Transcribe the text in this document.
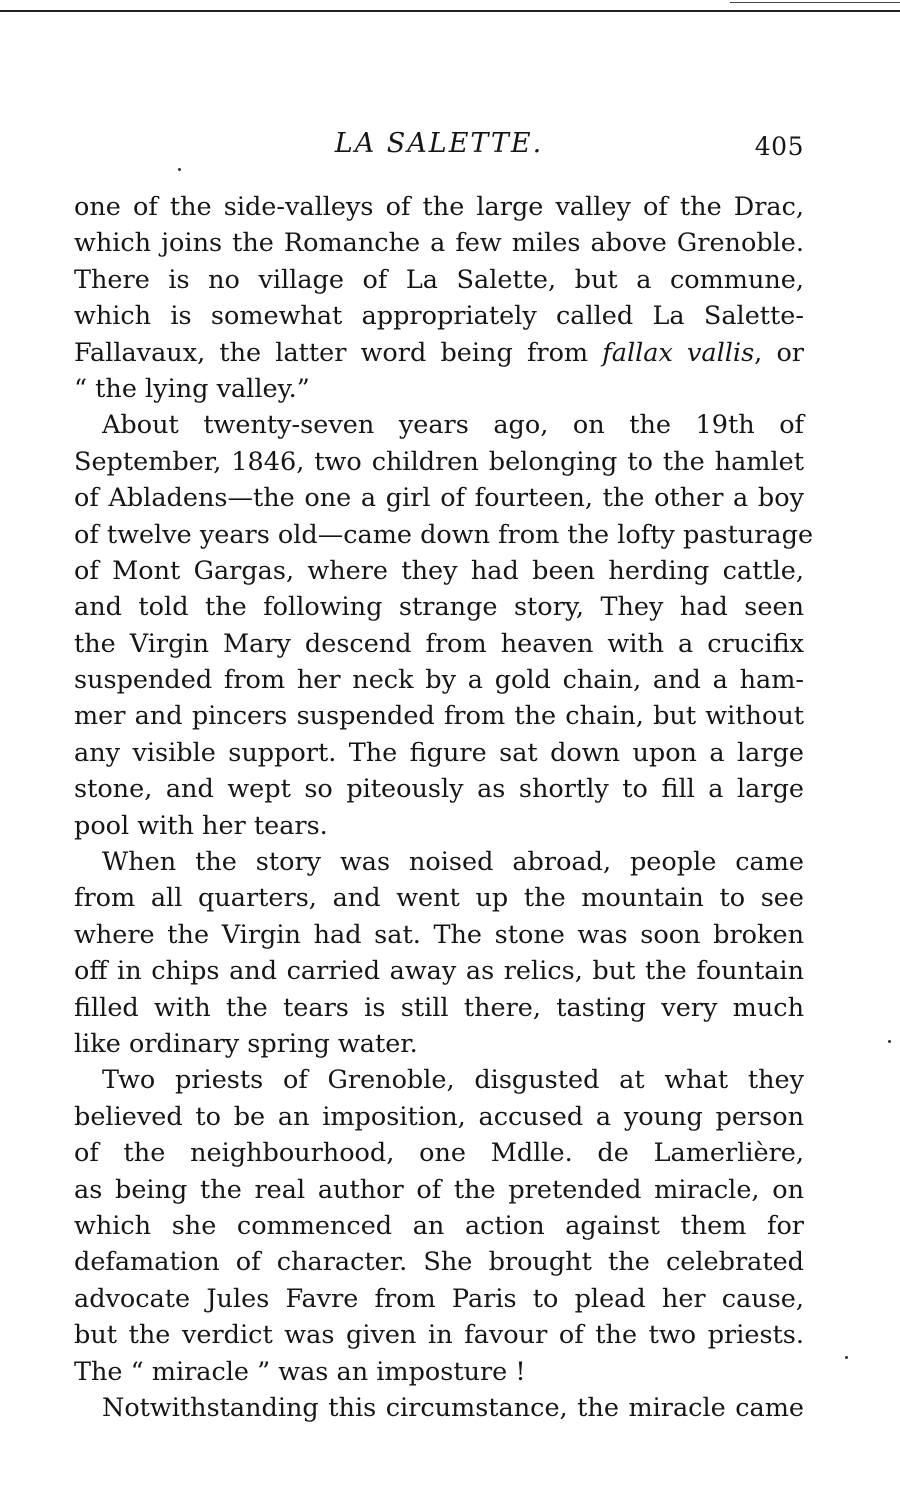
LA SALETTE.	405
one of the side-valleys of the large valley of the Drac,
which joins the Romanche a few miles above Grenoble.
There is no village of La Salette, but a commune,
which is somewhat appropriately called La Salette-
Fallavaux, the latter word being from fallax vallis, or
“ the lying valley.”
About twenty-seven years ago, on the 19th of
September, 1846, two children belonging to the hamlet
of Abladens—the one a girl of fourteen, the other a boy
of twelve years old—came down from the lofty pasturage
of Mont Gargas, where they had been herding cattle,
and told the following strange story, They had seen
the Virgin Mary descend from heaven with a crucifix
suspended from her neck by a gold chain, and a ham-
mer and pincers suspended from the chain, but without
any visible support. The figure sat down upon a large
stone, and wept so piteously as shortly to fill a large
pool with her tears.
When the story was noised abroad, people came
from all quarters, and went up the mountain to see
where the Virgin had sat. The stone was soon broken
off in chips and carried away as relics, but the fountain
filled with the tears is still there, tasting very much
like ordinary spring water.
Two priests of Grenoble, disgusted at what they
believed to be an imposition, accused a young person
of the neighbourhood, one Mdlle. de Lamerlière,
as being the real author of the pretended miracle, on
which she commenced an action against them for
defamation of character. She brought the celebrated
advocate Jules Favre from Paris to plead her cause,
but the verdict was given in favour of the two priests.
The “ miracle ” was an imposture !
Notwithstanding this circumstance, the miracle came
